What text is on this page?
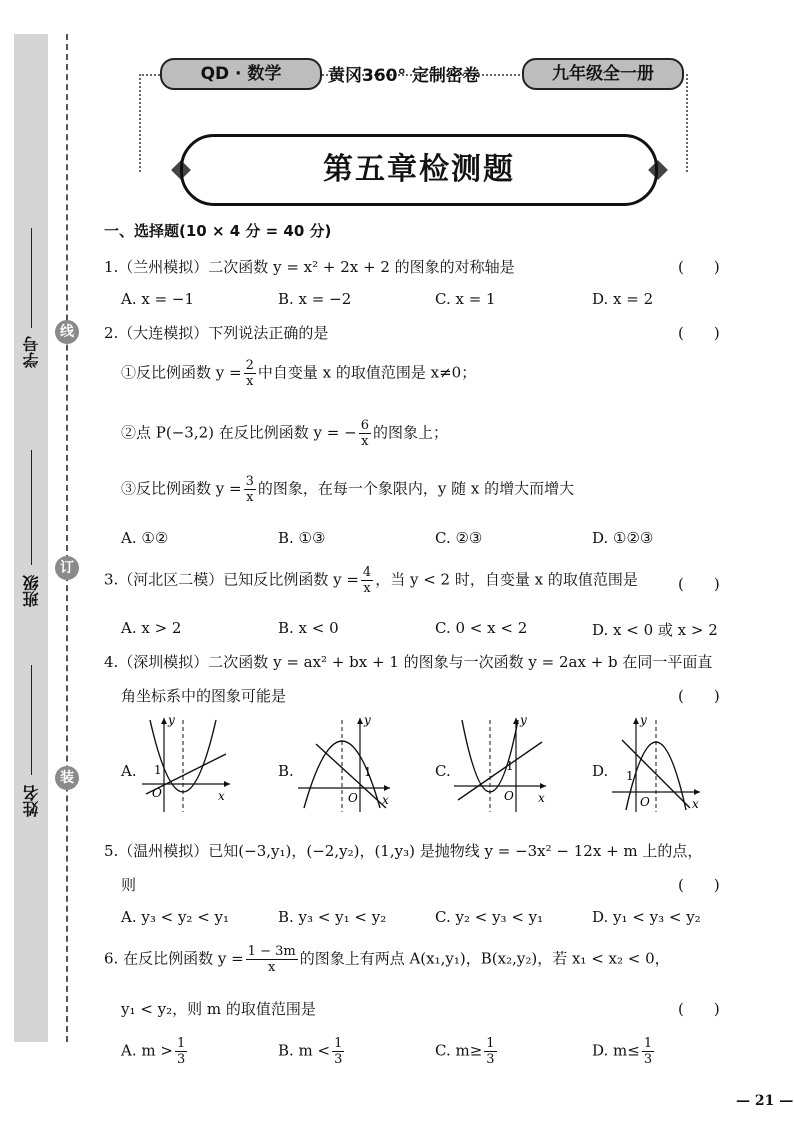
线
订
装
学号
班级
姓名
QD · 数学	黄冈360° 定制密卷	九年级全一册
第五章检测题
一、选择题(10 × 4 分 = 40 分)
1.（兰州模拟）二次函数 y = x² + 2x + 2 的图象的对称轴是	(　　)
A. x = −1	B. x = −2	C. x = 1	D. x = 2
2.（大连模拟）下列说法正确的是	(　　)
①反比例函数 $y = \frac{2}{x}$ 中自变量 x 的取值范围是 x≠0；
②点 P(−3,2) 在反比例函数 y = − $\frac{6}{x}$ 的图象上；
③反比例函数 $y = \frac{3}{x}$ 的图象，在每一个象限内，y 随 x 的增大而增大
A. ①②	B. ①③	C. ②③	D. ①②③
3.（河北区二模）已知反比例函数 $y = \frac{4}{x}$ ，当 y < 2 时，自变量 x 的取值范围是	(　　)
A. x > 2	B. x < 0	C. 0 < x < 2	D. x < 0 或 x > 2
4.（深圳模拟）二次函数 y = ax² + bx + 1 的图象与一次函数 y = 2ax + b 在同一平面直
角坐标系中的图象可能是	(　　)
A.
y
x
O
1	B.
y
x
O
1	C.
y
x
O
1	D.
y
x
O
1
5.（温州模拟）已知(−3,y₁)，(−2,y₂)，(1,y₃) 是抛物线 y = −3x² − 12x + m 上的点，
则	(　　)
A. y₃ < y₂ < y₁	B. y₃ < y₁ < y₂	C. y₂ < y₃ < y₁	D. y₁ < y₃ < y₂
6. 在反比例函数 $y = \frac{1 - 3m}{x}$ 的图象上有两点 A(x₁,y₁)，B(x₂,y₂)，若 x₁ < x₂ < 0，
y₁ < y₂，则 m 的取值范围是	(　　)
A. $m > \frac{1}{3}$	B. $m < \frac{1}{3}$	C. $m\ge \frac{1}{3}$	D. $m\le \frac{1}{3}$
— 21 —
